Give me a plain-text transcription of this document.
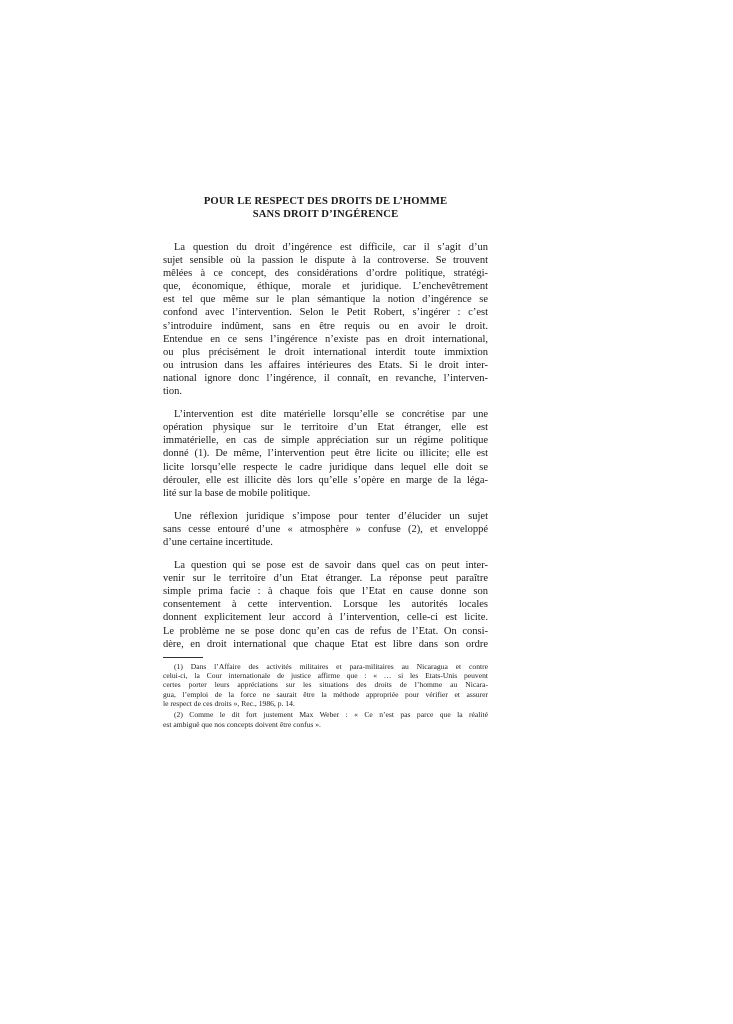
POUR LE RESPECT DES DROITS DE L’HOMME
SANS DROIT D’INGÉRENCE
La question du droit d’ingérence est difficile, car il s’agit d’un
sujet sensible où la passion le dispute à la controverse. Se trouvent
mêlées à ce concept, des considérations d’ordre politique, stratégi-
que, économique, éthique, morale et juridique. L’enchevêtrement
est tel que même sur le plan sémantique la notion d’ingérence se
confond avec l’intervention. Selon le Petit Robert, s’ingérer : c’est
s’introduire indûment, sans en être requis ou en avoir le droit.
Entendue en ce sens l’ingérence n’existe pas en droit international,
ou plus précisément le droit international interdit toute immixtion
ou intrusion dans les affaires intérieures des Etats. Si le droit inter-
national ignore donc l’ingérence, il connaît, en revanche, l’interven-
tion.
L’intervention est dite matérielle lorsqu’elle se concrétise par une
opération physique sur le territoire d’un Etat étranger, elle est
immatérielle, en cas de simple appréciation sur un régime politique
donné (1). De même, l’intervention peut être licite ou illicite; elle est
licite lorsqu’elle respecte le cadre juridique dans lequel elle doit se
dérouler, elle est illicite dès lors qu’elle s’opère en marge de la léga-
lité sur la base de mobile politique.
Une réflexion juridique s’impose pour tenter d’élucider un sujet
sans cesse entouré d’une « atmosphère » confuse (2), et enveloppé
d’une certaine incertitude.
La question qui se pose est de savoir dans quel cas on peut inter-
venir sur le territoire d’un Etat étranger. La réponse peut paraître
simple prima facie : à chaque fois que l’Etat en cause donne son
consentement à cette intervention. Lorsque les autorités locales
donnent explicitement leur accord à l’intervention, celle-ci est licite.
Le problème ne se pose donc qu’en cas de refus de l’Etat. On consi-
dère, en droit international que chaque Etat est libre dans son ordre
(1) Dans l’Affaire des activités militaires et para-militaires au Nicaragua et contre
celui-ci, la Cour internationale de justice affirme que : « … si les Etats-Unis peuvent
certes porter leurs appréciations sur les situations des droits de l’homme au Nicara-
gua, l’emploi de la force ne saurait être la méthode appropriée pour vérifier et assurer
le respect de ces droits », Rec., 1986, p. 14.
(2) Comme le dit fort justement Max Weber : « Ce n’est pas parce que la réalité
est ambiguë que nos concepts doivent être confus ».
